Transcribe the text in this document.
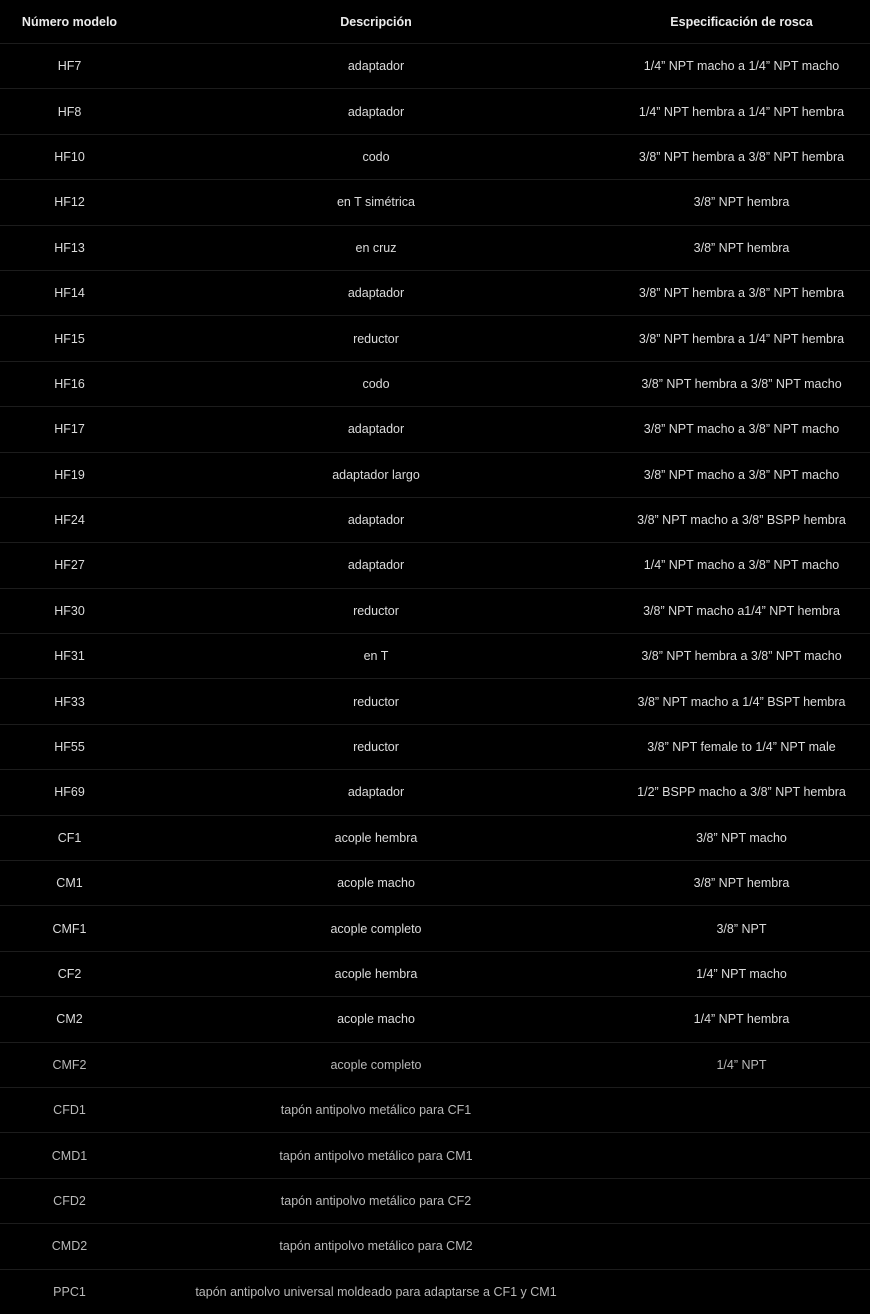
Número modelo	Descripción	Especificación de rosca
HF7	adaptador	1/4” NPT macho a 1/4” NPT macho
HF8	adaptador	1/4” NPT hembra a 1/4” NPT hembra
HF10	codo	3/8” NPT hembra a 3/8” NPT hembra
HF12	en T simétrica	3/8” NPT hembra
HF13	en cruz	3/8” NPT hembra
HF14	adaptador	3/8” NPT hembra a 3/8” NPT hembra
HF15	reductor	3/8” NPT hembra a 1/4” NPT hembra
HF16	codo	3/8” NPT hembra a 3/8” NPT macho
HF17	adaptador	3/8” NPT macho a 3/8” NPT macho
HF19	adaptador largo	3/8” NPT macho a 3/8” NPT macho
HF24	adaptador	3/8” NPT macho a 3/8” BSPP hembra
HF27	adaptador	1/4” NPT macho a 3/8” NPT macho
HF30	reductor	3/8” NPT macho a1/4” NPT hembra
HF31	en T	3/8” NPT hembra a 3/8” NPT macho
HF33	reductor	3/8” NPT macho a 1/4” BSPT hembra
HF55	reductor	3/8” NPT female to 1/4” NPT male
HF69	adaptador	1/2” BSPP macho a 3/8” NPT hembra
CF1	acople hembra	3/8” NPT macho
CM1	acople macho	3/8” NPT hembra
CMF1	acople completo	3/8” NPT
CF2	acople hembra	1/4” NPT macho
CM2	acople macho	1/4” NPT hembra
CMF2	acople completo	1/4” NPT
CFD1	tapón antipolvo metálico para CF1	
CMD1	tapón antipolvo metálico para CM1	
CFD2	tapón antipolvo metálico para CF2	
CMD2	tapón antipolvo metálico para CM2	
PPC1	tapón antipolvo universal moldeado para adaptarse a CF1 y CM1	
